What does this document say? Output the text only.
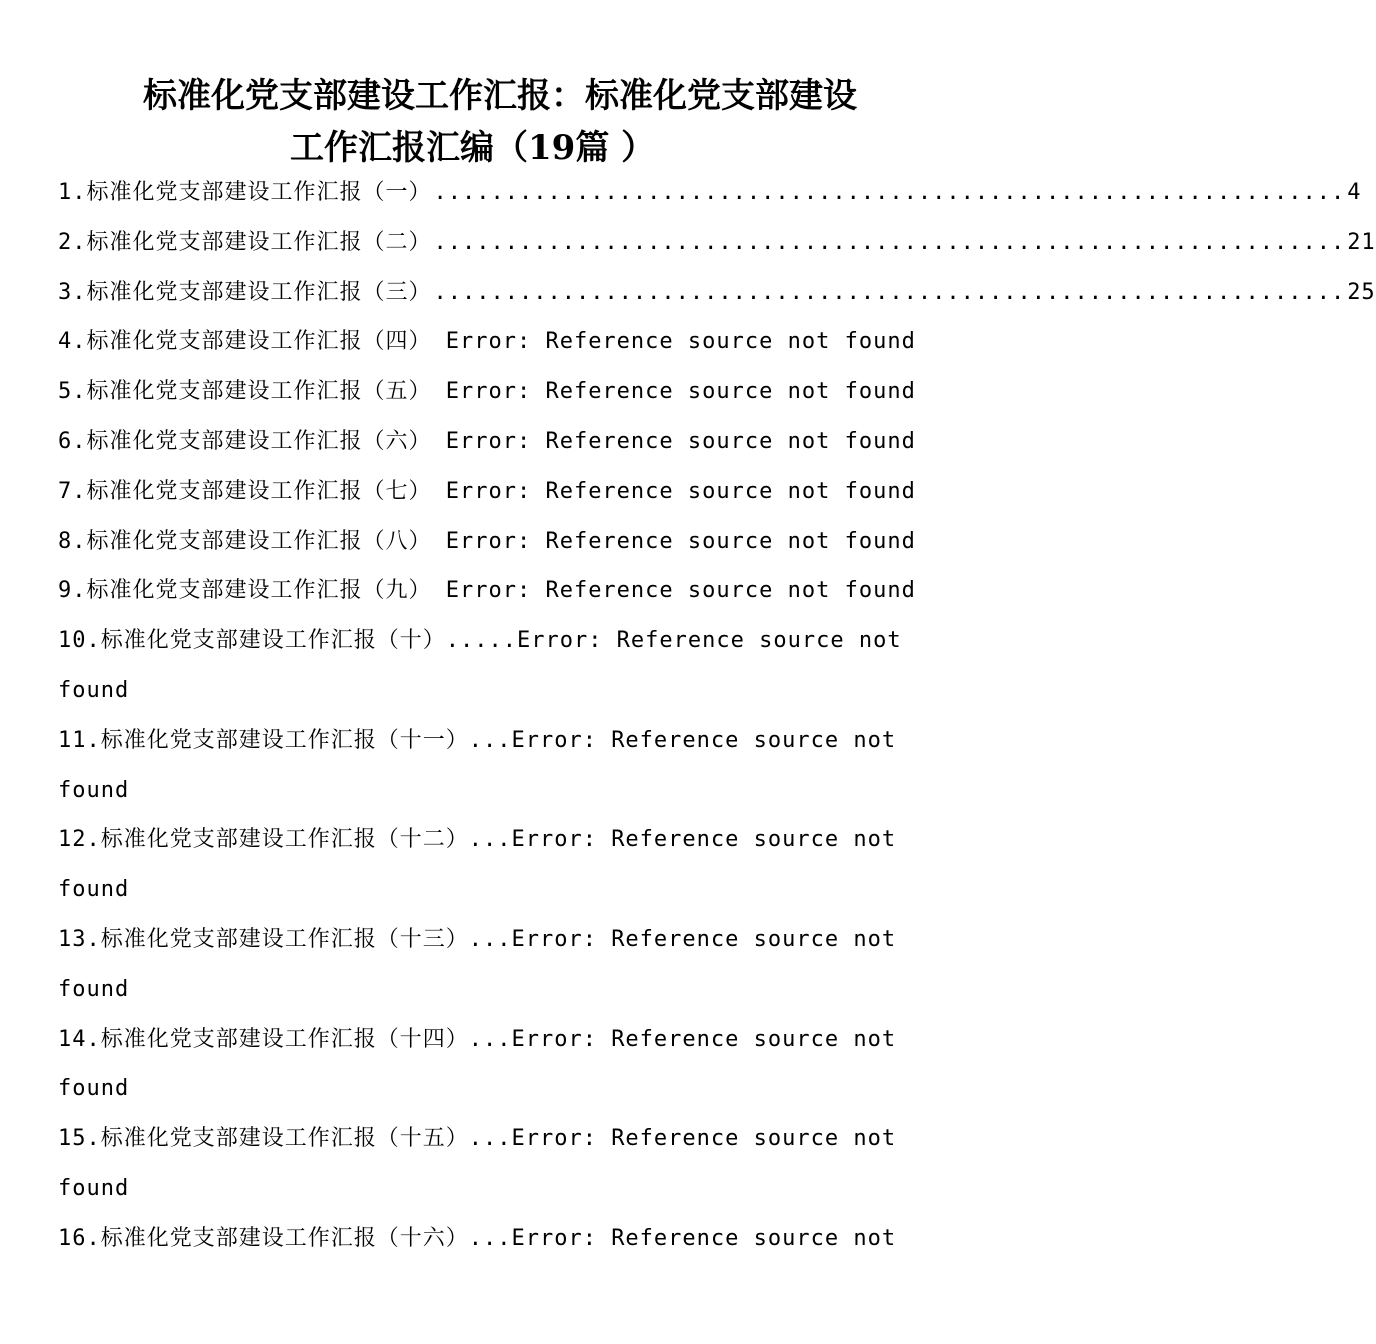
标准化党支部建设工作汇报：标准化党支部建设
工作汇报汇编（19篇 ）
1.标准化党支部建设工作汇报（一） ................................................................ 4
2.标准化党支部建设工作汇报（二） ................................................................ 21
3.标准化党支部建设工作汇报（三） ................................................................ 25
4.标准化党支部建设工作汇报（四） Error: Reference source not found
5.标准化党支部建设工作汇报（五） Error: Reference source not found
6.标准化党支部建设工作汇报（六） Error: Reference source not found
7.标准化党支部建设工作汇报（七） Error: Reference source not found
8.标准化党支部建设工作汇报（八） Error: Reference source not found
9.标准化党支部建设工作汇报（九） Error: Reference source not found
10.标准化党支部建设工作汇报（十）.....Error: Reference source not
found
11.标准化党支部建设工作汇报（十一）...Error: Reference source not
found
12.标准化党支部建设工作汇报（十二）...Error: Reference source not
found
13.标准化党支部建设工作汇报（十三）...Error: Reference source not
found
14.标准化党支部建设工作汇报（十四）...Error: Reference source not
found
15.标准化党支部建设工作汇报（十五）...Error: Reference source not
found
16.标准化党支部建设工作汇报（十六）...Error: Reference source not
